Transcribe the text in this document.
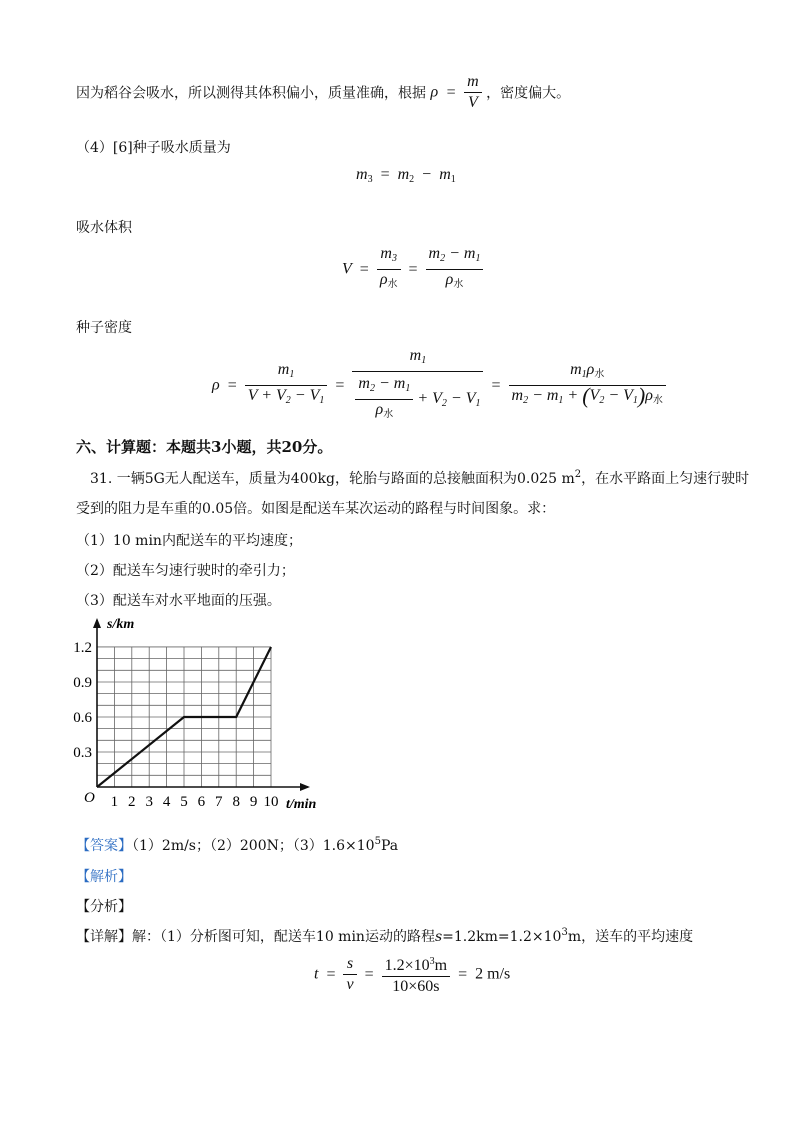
因为稻谷会吸水，所以测得其体积偏小，质量准确，根据 $\rho = \frac{m}{V}$ ，密度偏大。
（4）[6]种子吸水质量为
$m_3 = m_2 - m_1$
吸水体积
$V = \frac{m_3}{\rho_水} = \frac{m_2 - m_1}{\rho_水}$
种子密度
$\rho = \frac{m_1}{V + V_2 - V_1} = \frac{m_1}{\frac{m_2 - m_1}{\rho_水} + V_2 - V_1} = \frac{m_1\rho_水}{m_2 - m_1 + (V_2 - V_1)\rho_水}$
六、计算题：本题共3小题，共20分。
31. 一辆5G无人配送车，质量为400kg，轮胎与路面的总接触面积为0.025 $m^2$，在水平路面上匀速行驶时
受到的阻力是车重的0.05倍。如图是配送车某次运动的路程与时间图象。求：
（1）10 min内配送车的平均速度；
（2）配送车匀速行驶时的牵引力；
（3）配送车对水平地面的压强。
s/km
t/min
O 1 2 3 4 5 6 7 8 9 10
0.3
0.6
0.9
1.2
【答案】（1）2m/s；（2）200N；$(3)1.6\times 10^5Pa$
【解析】
【分析】
【详解】解：（1）分析图可知，配送车10 min运动的路程$s=1.2km=1.2\times 10^3m$，送车的平均速度
$t = \frac{s}{v} = \frac{1.2\times 10^3m}{10\times 60s} = 2$ m/s
